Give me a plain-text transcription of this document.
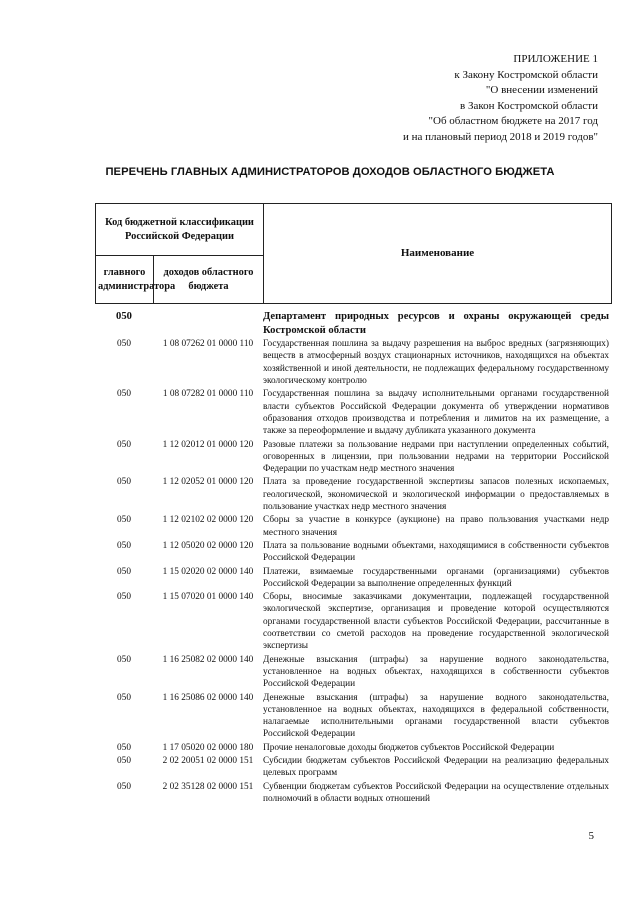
ПРИЛОЖЕНИЕ 1
к Закону Костромской области
"О внесении изменений
в Закон Костромской области
"Об областном бюджете на 2017 год
и на плановый период 2018 и 2019 годов"
ПЕРЕЧЕНЬ ГЛАВНЫХ АДМИНИСТРАТОРОВ ДОХОДОВ ОБЛАСТНОГО БЮДЖЕТА
Код бюджетной классификации Российской Федерации		Наименование
главного администратора	доходов областного бюджета	
050		Департамент природных ресурсов и охраны окружающей среды Костромской области
050	1 08 07262 01 0000 110	Государственная пошлина за выдачу разрешения на выброс вредных (загрязняющих) веществ в атмосферный воздух стационарных источников, находящихся на объектах хозяйственной и иной деятельности, не подлежащих федеральному государственному экологическому контролю
050	1 08 07282 01 0000 110	Государственная пошлина за выдачу исполнительными органами государственной власти субъектов Российской Федерации документа об утверждении нормативов образования отходов производства и потребления и лимитов на их размещение, а также за переоформление и выдачу дубликата указанного документа
050	1 12 02012 01 0000 120	Разовые платежи за пользование недрами при наступлении определенных событий, оговоренных в лицензии, при пользовании недрами на территории Российской Федерации по участкам недр местного значения
050	1 12 02052 01 0000 120	Плата за проведение государственной экспертизы запасов полезных ископаемых, геологической, экономической и экологической информации о предоставляемых в пользование участках недр местного значения
050	1 12 02102 02 0000 120	Сборы за участие в конкурсе (аукционе) на право пользования участками недр местного значения
050	1 12 05020 02 0000 120	Плата за пользование водными объектами, находящимися в собственности субъектов Российской Федерации
050	1 15 02020 02 0000 140	Платежи, взимаемые государственными органами (организациями) субъектов Российской Федерации за выполнение определенных функций
050	1 15 07020 01 0000 140	Сборы, вносимые заказчиками документации, подлежащей государственной экологической экспертизе, организация и проведение которой осуществляются органами государственной власти субъектов Российской Федерации, рассчитанные в соответствии со сметой расходов на проведение государственной экологической экспертизы
050	1 16 25082 02 0000 140	Денежные взыскания (штрафы) за нарушение водного законодательства, установленное на водных объектах, находящихся в собственности субъектов Российской Федерации
050	1 16 25086 02 0000 140	Денежные взыскания (штрафы) за нарушение водного законодательства, установленное на водных объектах, находящихся в федеральной собственности, налагаемые исполнительными органами государственной власти субъектов Российской Федерации
050	1 17 05020 02 0000 180	Прочие неналоговые доходы бюджетов субъектов Российской Федерации
050	2 02 20051 02 0000 151	Субсидии бюджетам субъектов Российской Федерации на реализацию федеральных целевых программ
050	2 02 35128 02 0000 151	Субвенции бюджетам субъектов Российской Федерации на осуществление отдельных полномочий в области водных отношений
5
